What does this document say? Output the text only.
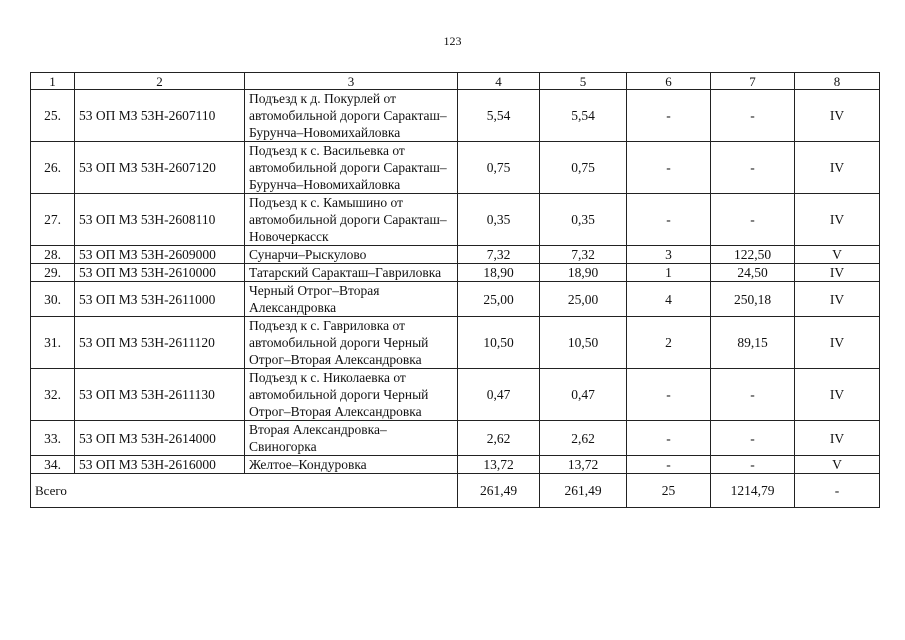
123
1	2	3	4	5	6	7	8
25.	53 ОП МЗ 53Н-2607110	Подъезд к д. Покурлей от автомобильной дороги Саракташ–Бурунча–Новомихайловка	5,54	5,54	-	-	IV
26.	53 ОП МЗ 53Н-2607120	Подъезд к с. Васильевка от автомобильной дороги Саракташ–Бурунча–Новомихайловка	0,75	0,75	-	-	IV
27.	53 ОП МЗ 53Н-2608110	Подъезд к с. Камышино от автомобильной дороги Саракташ–Новочеркасск	0,35	0,35	-	-	IV
28.	53 ОП МЗ 53Н-2609000	Сунарчи–Рыскулово	7,32	7,32	3	122,50	V
29.	53 ОП МЗ 53Н-2610000	Татарский Саракташ–Гавриловка	18,90	18,90	1	24,50	IV
30.	53 ОП МЗ 53Н-2611000	Черный Отрог–Вторая Александровка	25,00	25,00	4	250,18	IV
31.	53 ОП МЗ 53Н-2611120	Подъезд к с. Гавриловка от автомобильной дороги Черный Отрог–Вторая Александровка	10,50	10,50	2	89,15	IV
32.	53 ОП МЗ 53Н-2611130	Подъезд к с. Николаевка от автомобильной дороги Черный Отрог–Вторая Александровка	0,47	0,47	-	-	IV
33.	53 ОП МЗ 53Н-2614000	Вторая Александровка–Свиногорка	2,62	2,62	-	-	IV
34.	53 ОП МЗ 53Н-2616000	Желтое–Кондуровка	13,72	13,72	-	-	V
Всего			261,49	261,49	25	1214,79	-
